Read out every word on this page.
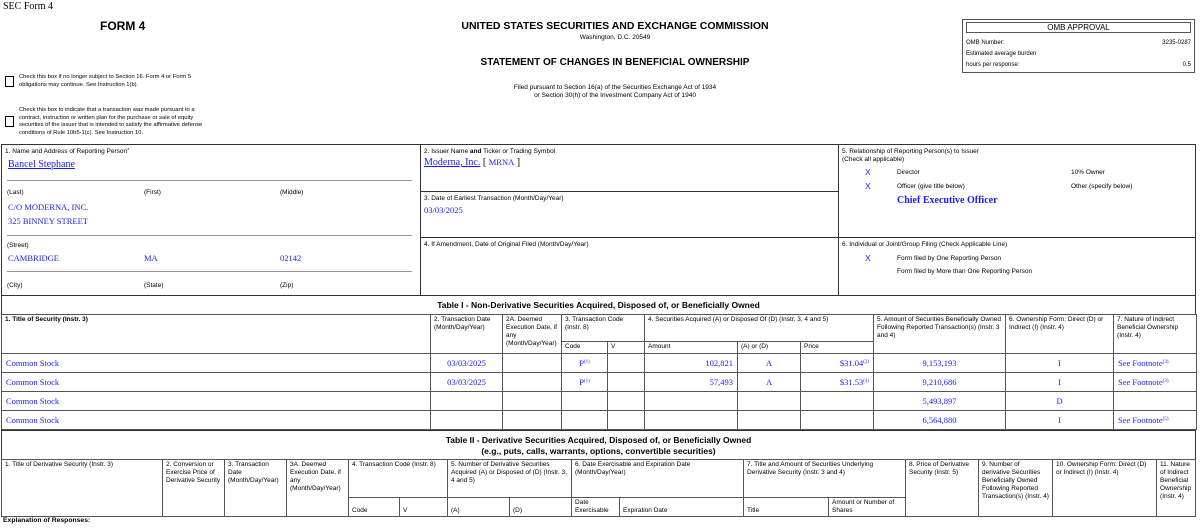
SEC Form 4
FORM 4	UNITED STATES SECURITIES AND EXCHANGE COMMISSION
Washington, D.C. 20549
STATEMENT OF CHANGES IN BENEFICIAL OWNERSHIP
Filed pursuant to Section 16(a) of the Securities Exchange Act of 1934
or Section 30(h) of the Investment Company Act of 1940
OMB APPROVAL
OMB Number:	3235-0287
Estimated average burden
hours per response:	0.5
Check this box if no longer subject to Section 16. Form 4 or Form 5
obligations may continue. See Instruction 1(b).
Check this box to indicate that a transaction was made pursuant to a
contract, instruction or written plan for the purchase or sale of equity
securities of the issuer that is intended to satisfy the affirmative defense
conditions of Rule 10b5-1(c). See Instruction 10.
1. Name and Address of Reporting Person*
Bancel Stephane
(Last)	(First)	(Middle)
C/O MODERNA, INC.
325 BINNEY STREET
(Street)
CAMBRIDGE	MA	02142
(City)	(State)	(Zip)
2. Issuer Name and Ticker or Trading Symbol
Moderna, Inc. [ MRNA ]
3. Date of Earliest Transaction (Month/Day/Year)
03/03/2025
4. If Amendment, Date of Original Filed (Month/Day/Year)
5. Relationship of Reporting Person(s) to Issuer
(Check all applicable)
X	Director	10% Owner
X	Officer (give title below)	Other (specify below)
Chief Executive Officer
6. Individual or Joint/Group Filing (Check Applicable Line)
X	Form filed by One Reporting Person
Form filed by More than One Reporting Person
Table I - Non-Derivative Securities Acquired, Disposed of, or Beneficially Owned
1. Title of Security (Instr. 3)	2. Transaction Date (Month/Day/Year)	2A. Deemed Execution Date, if any (Month/Day/Year)	3. Transaction Code (Instr. 8)		4. Securities Acquired (A) or Disposed Of (D) (Instr. 3, 4 and 5)			5. Amount of Securities Beneficially Owned Following Reported Transaction(s) (Instr. 3 and 4)	6. Ownership Form: Direct (D) or Indirect (I) (Instr. 4)	7. Nature of Indirect Beneficial Ownership (Instr. 4)
			Code	V	Amount	(A) or (D)	Price			
Common Stock	03/03/2025		$P^{(1)}$		102,821	A	$31.04$^{(2)}$	9,153,193	I	See Footnote$^{(3)}$
Common Stock	03/03/2025		$P^{(1)}$		57,493	A	$31.53$^{(4)}$	9,210,686	I	See Footnote$^{(3)}$
Common Stock								5,493,897	D	
Common Stock								6,564,880	I	See Footnote$^{(5)}$
Table II - Derivative Securities Acquired, Disposed of, or Beneficially Owned
(e.g., puts, calls, warrants, options, convertible securities)
1. Title of Derivative Security (Instr. 3)	2. Conversion or Exercise Price of Derivative Security	3. Transaction Date (Month/Day/Year)	3A. Deemed Execution Date, if any (Month/Day/Year)	4. Transaction Code (Instr. 8)		5. Number of Derivative Securities Acquired (A) or Disposed of (D) (Instr. 3, 4 and 5)		6. Date Exercisable and Expiration Date (Month/Day/Year)		7. Title and Amount of Securities Underlying Derivative Security (Instr. 3 and 4)		8. Price of Derivative Security (Instr. 5)	9. Number of derivative Securities Beneficially Owned Following Reported Transaction(s) (Instr. 4)	10. Ownership Form: Direct (D) or Indirect (I) (Instr. 4)	11. Nature of Indirect Beneficial Ownership (Instr. 4)
				Code	V	(A)	(D)	Date Exercisable	Expiration Date	Title	Amount or Number of Shares				
Explanation of Responses:
